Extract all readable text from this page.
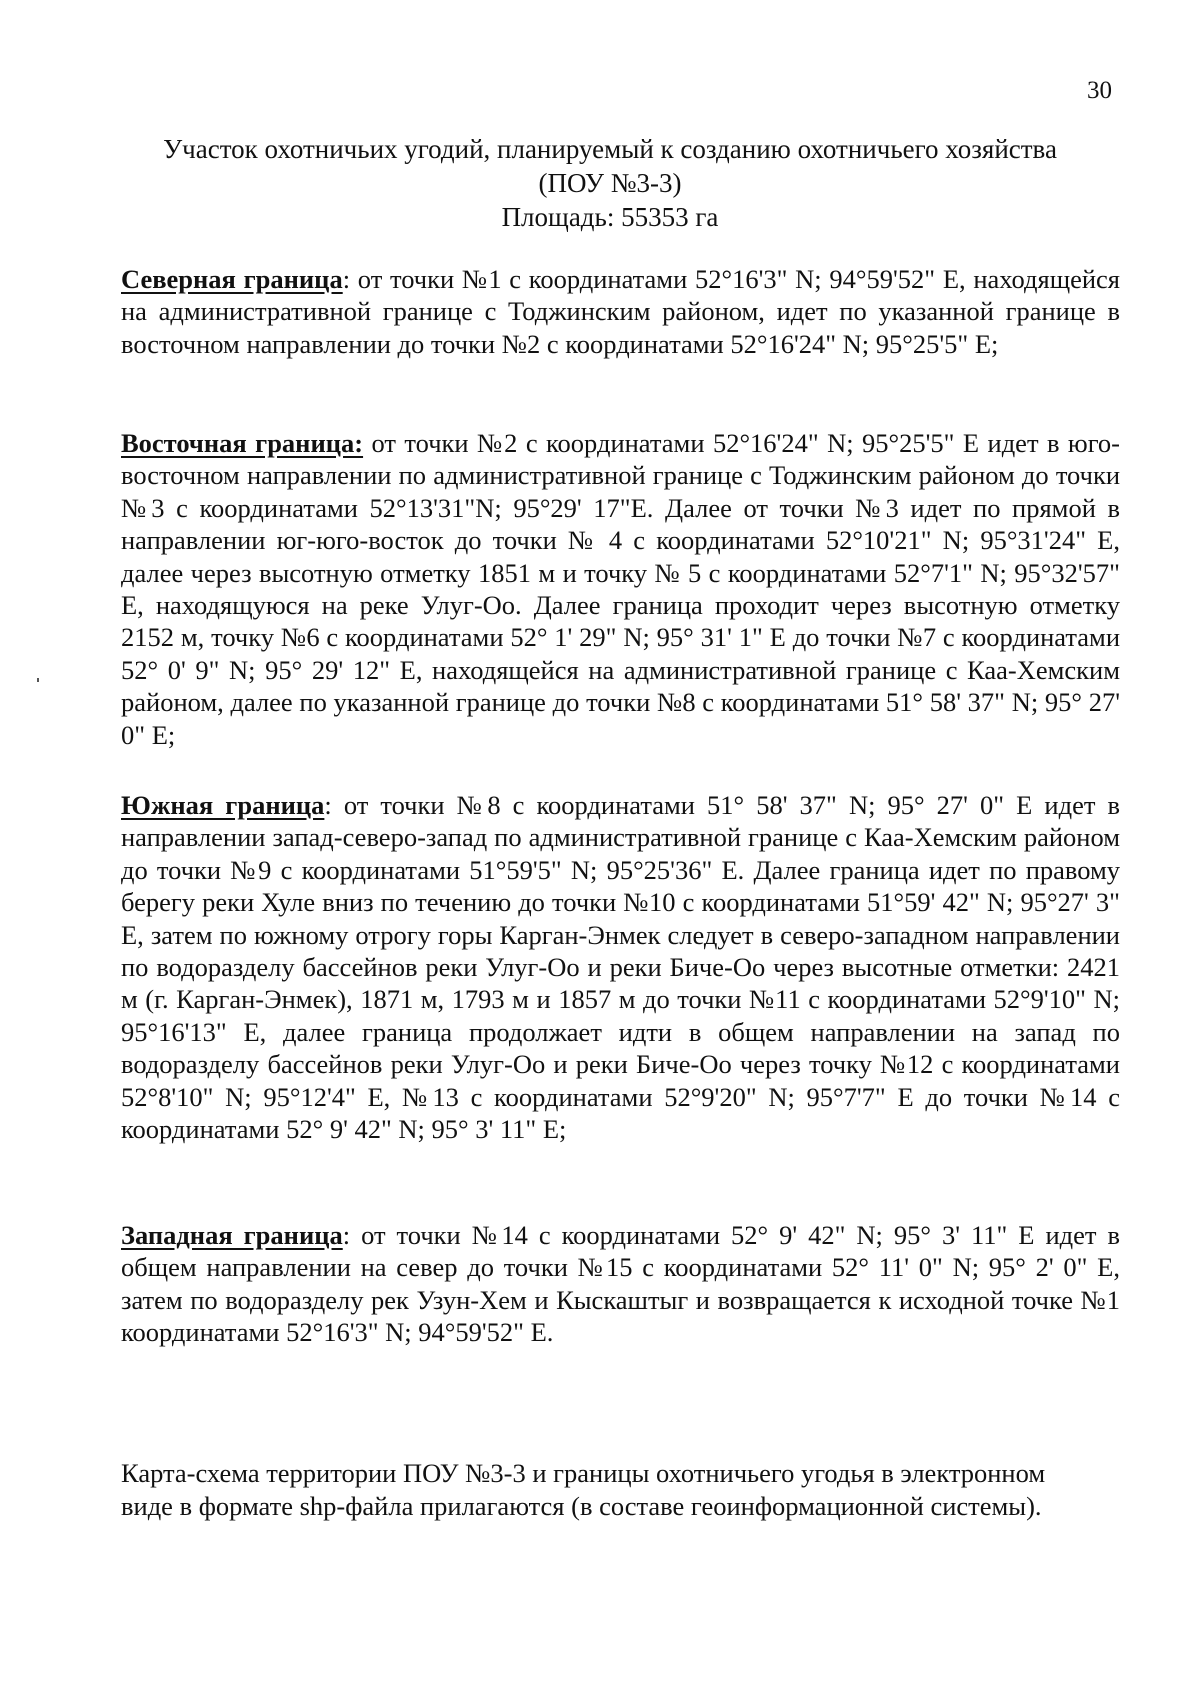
30
Участок охотничьих угодий, планируемый к созданию охотничьего хозяйства
(ПОУ №3-3)
Площадь: 55353 га

Северная граница: от точки №1 с координатами 52°16'3" N; 94°59'52" E, находящейся на административной границе с Тоджинским районом, идет по указанной границе в восточном направлении до точки №2 с координатами 52°16'24" N; 95°25'5" E;

Восточная граница: от точки №2 с координатами 52°16'24" N; 95°25'5" E идет в юго-восточном направлении по административной границе с Тоджинским районом до точки №3 с координатами 52°13'31"N; 95°29' 17"E. Далее от точки №3 идет по прямой в направлении юг-юго-восток до точки № 4 с координатами 52°10'21" N; 95°31'24" E, далее через высотную отметку 1851 м и точку № 5 с координатами 52°7'1" N; 95°32'57" E, находящуюся на реке Улуг-Оо. Далее граница проходит через высотную отметку 2152 м, точку №6 с координатами 52° 1' 29" N; 95° 31' 1" E до точки №7 с координатами 52° 0' 9" N; 95° 29' 12" E, находящейся на административной границе с Каа-Хемским районом, далее по указанной границе до точки №8 с координатами 51° 58' 37" N; 95° 27' 0" E;

Южная граница: от точки №8 с координатами 51° 58' 37" N; 95° 27' 0" E идет в направлении запад-северо-запад по административной границе с Каа-Хемским районом до точки №9 с координатами 51°59'5" N; 95°25'36" E. Далее граница идет по правому берегу реки Хуле вниз по течению до точки №10 с координатами 51°59' 42" N; 95°27' 3" E, затем по южному отрогу горы Карган-Энмек следует в северо-западном направлении по водоразделу бассейнов реки Улуг-Оо и реки Биче-Оо через высотные отметки: 2421 м (г. Карган-Энмек), 1871 м, 1793 м и 1857 м до точки №11 с координатами 52°9'10" N; 95°16'13" E, далее граница продолжает идти в общем направлении на запад по водоразделу бассейнов реки Улуг-Оо и реки Биче-Оо через точку №12 с координатами 52°8'10" N; 95°12'4" E, №13 с координатами 52°9'20" N; 95°7'7" E до точки №14 с координатами 52° 9' 42" N; 95° 3' 11" E;

Западная граница: от точки №14 с координатами 52° 9' 42" N; 95° 3' 11" E идет в общем направлении на север до точки №15 с координатами 52° 11' 0" N; 95° 2' 0" E, затем по водоразделу рек Узун-Хем и Кыскаштыг и возвращается к исходной точке №1 координатами 52°16'3" N; 94°59'52" E.

Карта-схема территории ПОУ №3-3 и границы охотничьего угодья в электронном
виде в формате shp-файла прилагаются (в составе геоинформационной системы).
